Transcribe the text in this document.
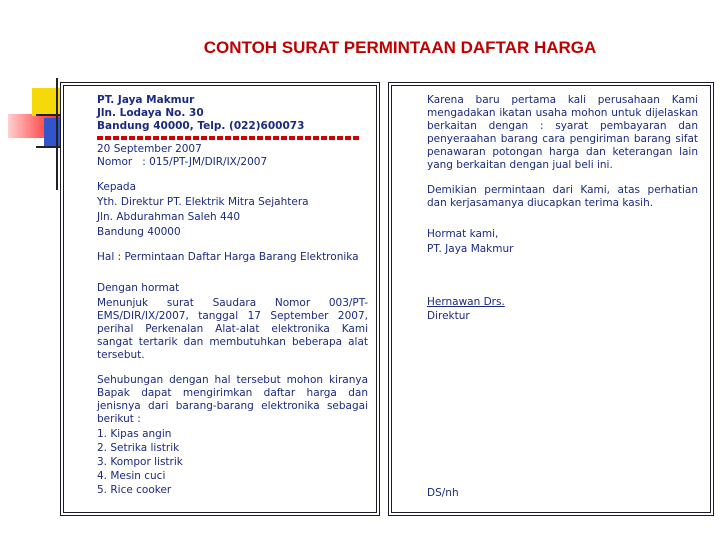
CONTOH SURAT PERMINTAAN DAFTAR HARGA
PT. Jaya Makmur
Jln. Lodaya No. 30
Bandung 40000, Telp. (022)600073
20 September 2007
Nomor   : 015/PT-JM/DIR/IX/2007
Kepada
Yth. Direktur PT. Elektrik Mitra Sejahtera
Jln. Abdurahman Saleh 440
Bandung 40000
Hal : Permintaan Daftar Harga Barang Elektronika
Dengan hormat
Menunjuk surat Saudara Nomor 003/PT-EMS/DIR/IX/2007, tanggal 17 September 2007, perihal Perkenalan Alat-alat elektronika Kami sangat tertarik dan membutuhkan beberapa alat tersebut.
Sehubungan dengan hal tersebut mohon kiranya Bapak dapat mengirimkan daftar harga dan jenisnya dari barang-barang elektronika sebagai berikut :
1. Kipas angin
2. Setrika listrik
3. Kompor listrik
4. Mesin cuci
5. Rice cooker
Karena baru pertama kali perusahaan Kami mengadakan ikatan usaha mohon untuk dijelaskan berkaitan dengan : syarat pembayaran dan penyeraahan barang cara pengiriman barang sifat penawaran potongan harga dan keterangan lain yang berkaitan dengan jual beli ini.
Demikian permintaan dari Kami, atas perhatian dan kerjasamanya diucapkan terima kasih.
Hormat kami,
PT. Jaya Makmur
Hernawan Drs.
Direktur
DS/nh
